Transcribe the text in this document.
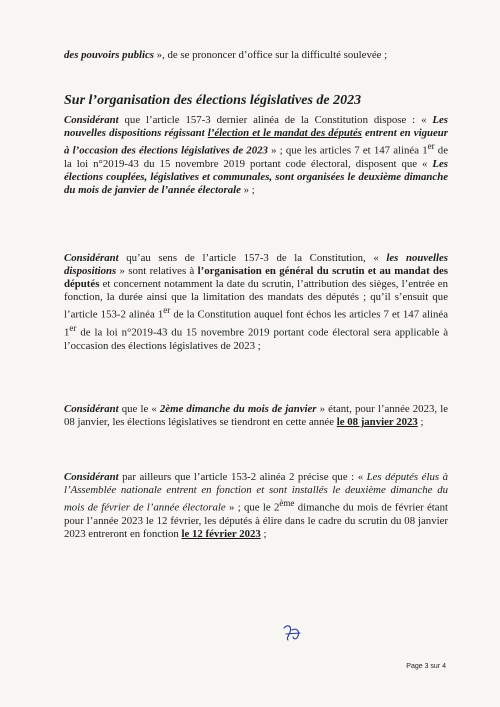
des pouvoirs publics », de se prononcer d’office sur la difficulté soulevée ;

Sur l’organisation des élections législatives de 2023

Considérant que l’article 157-3 dernier alinéa de la Constitution dispose : « Les nouvelles dispositions régissant l’élection et le mandat des députés entrent en vigueur à l’occasion des élections législatives de 2023 » ; que les articles 7 et 147 alinéa 1er de la loi n°2019-43 du 15 novembre 2019 portant code électoral, disposent que « Les élections couplées, législatives et communales, sont organisées le deuxième dimanche du mois de janvier de l’année électorale » ;

Considérant qu’au sens de l’article 157-3 de la Constitution, « les nouvelles dispositions » sont relatives à l’organisation en général du scrutin et au mandat des députés et concernent notamment la date du scrutin, l’attribution des sièges, l’entrée en fonction, la durée ainsi que la limitation des mandats des députés ; qu’il s’ensuit que l’article 153-2 alinéa 1er de la Constitution auquel font échos les articles 7 et 147 alinéa 1er de la loi n°2019-43 du 15 novembre 2019 portant code électoral sera applicable à l’occasion des élections législatives de 2023 ;

Considérant que le « 2ème dimanche du mois de janvier » étant, pour l’année 2023, le 08 janvier, les élections législatives se tiendront en cette année le 08 janvier 2023 ;

Considérant par ailleurs que l’article 153-2 alinéa 2 précise que : « Les députés élus à l’Assemblée nationale entrent en fonction et sont installés le deuxième dimanche du mois de février de l’année électorale » ; que le 2ème dimanche du mois de février étant pour l’année 2023 le 12 février, les députés à élire dans le cadre du scrutin du 08 janvier 2023 entreront en fonction le 12 février 2023 ;

Page 3 sur 4
